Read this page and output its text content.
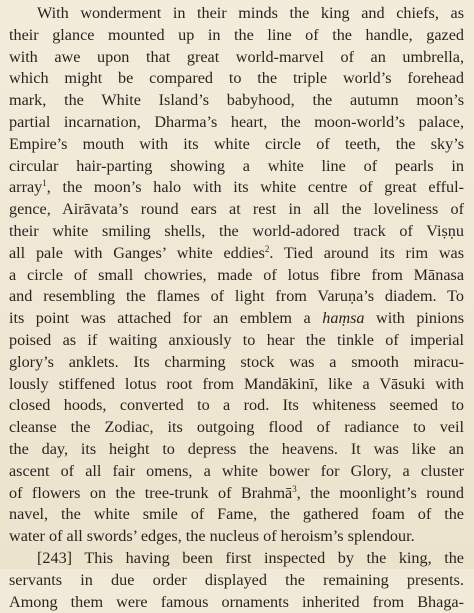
With wonderment in their minds the king and chiefs, as
their glance mounted up in the line of the handle, gazed
with awe upon that great world-marvel of an umbrella,
which might be compared to the triple world’s forehead
mark, the White Island’s babyhood, the autumn moon’s
partial incarnation, Dharma’s heart, the moon-world’s palace,
Empire’s mouth with its white circle of teeth, the sky’s
circular hair-parting showing a white line of pearls in
array$^1$, the moon’s halo with its white centre of great efful-
gence, Airāvata’s round ears at rest in all the loveliness of
their white smiling shells, the world-adored track of Viṣṇu
all pale with Ganges’ white eddies$^2$. Tied around its rim was
a circle of small chowries, made of lotus fibre from Mānasa
and resembling the flames of light from Varuṇa’s diadem. To
its point was attached for an emblem a haṃsa with pinions
poised as if waiting anxiously to hear the tinkle of imperial
glory’s anklets. Its charming stock was a smooth miracu-
lously stiffened lotus root from Mandākinī, like a Vāsuki with
closed hoods, converted to a rod. Its whiteness seemed to
cleanse the Zodiac, its outgoing flood of radiance to veil
the day, its height to depress the heavens. It was like an
ascent of all fair omens, a white bower for Glory, a cluster
of flowers on the tree-trunk of Brahmā$^3$, the moonlight’s round
navel, the white smile of Fame, the gathered foam of the
water of all swords’ edges, the nucleus of heroism’s splendour.
[243] This having been first inspected by the king, the
servants in due order displayed the remaining presents.
Among them were famous ornaments inherited from Bhaga-
